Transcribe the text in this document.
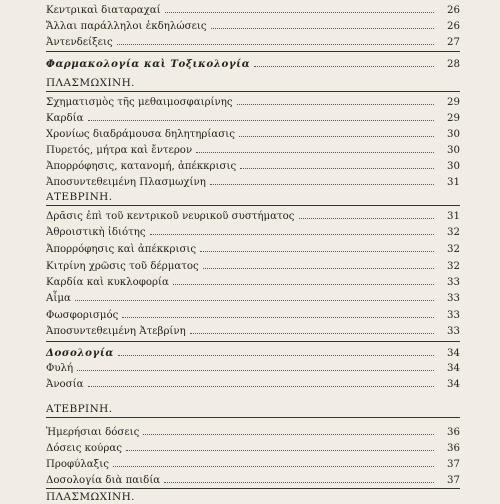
Κεντρικαὶ διαταραχαί	26
Ἄλλαι παράλληλοι ἐκδηλώσεις	26
Ἀντενδείξεις	27
Φαρμακολογία καὶ Τοξικολογία	28
ΠΛΑΣΜΩΧΙΝΗ.
Σχηματισμὸς τῆς μεθαιμοσφαιρίνης	29
Καρδία	29
Χρονίως διαδράμουσα δηλητηρίασις	30
Πυρετός, μήτρα καὶ ἔντερον	30
Ἀπορρόφησις, κατανομή, ἀπέκκρισις	30
Ἀποσυντεθειμένη Πλασμωχίνη	31
ΑΤΕΒΡΙΝΗ.
Δρᾶσις ἐπὶ τοῦ κεντρικοῦ νευρικοῦ συστήματος	31
Ἀθροιστικὴ ἰδιότης	32
Ἀπορρόφησις καὶ ἀπέκκρισις	32
Κιτρίνη χρῶσις τοῦ δέρματος	32
Καρδία καὶ κυκλοφορία	33
Αἷμα	33
Φωσφορισμός	33
Ἀποσυντεθειμένη Ἀτεβρίνη	33
Δοσολογία	34
Φυλή	34
Ἀνοσία	34
ΑΤΕΒΡΙΝΗ.
Ἡμερήσιαι δόσεις	36
Δόσεις κούρας	36
Προφύλαξις	37
Δοσολογία διὰ παιδία	37
ΠΛΑΣΜΩΧΙΝΗ.
